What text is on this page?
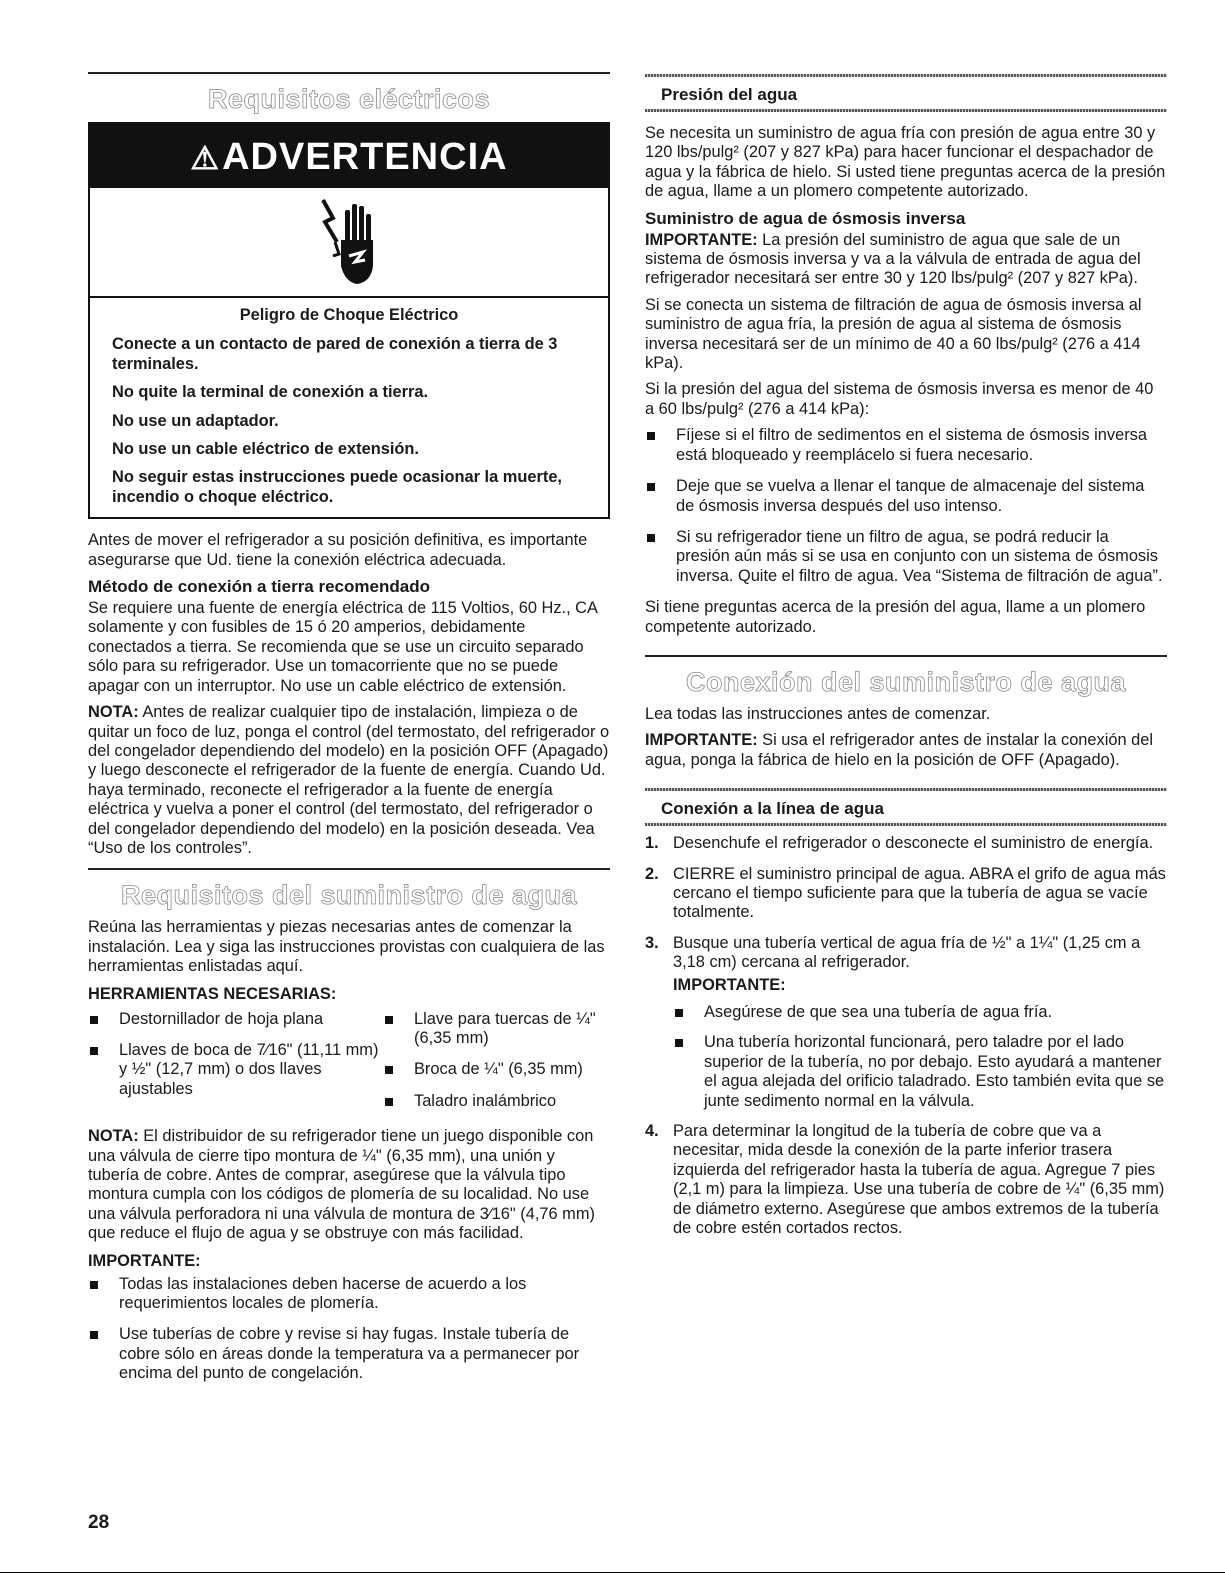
Requisitos eléctricos
⚠ADVERTENCIA

Peligro de Choque Eléctrico

Conecte a un contacto de pared de conexión a tierra de 3 terminales.

No quite la terminal de conexión a tierra.

No use un adaptador.

No use un cable eléctrico de extensión.

No seguir estas instrucciones puede ocasionar la muerte, incendio o choque eléctrico.

Antes de mover el refrigerador a su posición definitiva, es importante asegurarse que Ud. tiene la conexión eléctrica adecuada.

Método de conexión a tierra recomendado

Se requiere una fuente de energía eléctrica de 115 Voltios, 60 Hz., CA solamente y con fusibles de 15 ó 20 amperios, debidamente conectados a tierra. Se recomienda que se use un circuito separado sólo para su refrigerador. Use un tomacorriente que no se puede apagar con un interruptor. No use un cable eléctrico de extensión.

NOTA: Antes de realizar cualquier tipo de instalación, limpieza o de quitar un foco de luz, ponga el control (del termostato, del refrigerador o del congelador dependiendo del modelo) en la posición OFF (Apagado) y luego desconecte el refrigerador de la fuente de energía. Cuando Ud. haya terminado, reconecte el refrigerador a la fuente de energía eléctrica y vuelva a poner el control (del termostato, del refrigerador o del congelador dependiendo del modelo) en la posición deseada. Vea “Uso de los controles”.

Requisitos del suministro de agua

Reúna las herramientas y piezas necesarias antes de comenzar la instalación. Lea y siga las instrucciones provistas con cualquiera de las herramientas enlistadas aquí.

HERRAMIENTAS NECESARIAS:
Destornillador de hoja plana
Llaves de boca de 7⁄16" (11,11 mm) y ½" (12,7 mm) o dos llaves ajustables
Llave para tuercas de ¼" (6,35 mm)
Broca de ¼" (6,35 mm)
Taladro inalámbrico

NOTA: El distribuidor de su refrigerador tiene un juego disponible con una válvula de cierre tipo montura de ¼" (6,35 mm), una unión y tubería de cobre. Antes de comprar, asegúrese que la válvula tipo montura cumpla con los códigos de plomería de su localidad. No use una válvula perforadora ni una válvula de montura de 3⁄16" (4,76 mm) que reduce el flujo de agua y se obstruye con más facilidad.

IMPORTANTE:
Todas las instalaciones deben hacerse de acuerdo a los requerimientos locales de plomería.
Use tuberías de cobre y revise si hay fugas. Instale tubería de cobre sólo en áreas donde la temperatura va a permanecer por encima del punto de congelación.
28
Presión del agua

Se necesita un suministro de agua fría con presión de agua entre 30 y 120 lbs/pulg² (207 y 827 kPa) para hacer funcionar el despachador de agua y la fábrica de hielo. Si usted tiene preguntas acerca de la presión de agua, llame a un plomero competente autorizado.

Suministro de agua de ósmosis inversa

IMPORTANTE: La presión del suministro de agua que sale de un sistema de ósmosis inversa y va a la válvula de entrada de agua del refrigerador necesitará ser entre 30 y 120 lbs/pulg² (207 y 827 kPa).

Si se conecta un sistema de filtración de agua de ósmosis inversa al suministro de agua fría, la presión de agua al sistema de ósmosis inversa necesitará ser de un mínimo de 40 a 60 lbs/pulg² (276 a 414 kPa).

Si la presión del agua del sistema de ósmosis inversa es menor de 40 a 60 lbs/pulg² (276 a 414 kPa):

Fíjese si el filtro de sedimentos en el sistema de ósmosis inversa está bloqueado y reemplácelo si fuera necesario.
Deje que se vuelva a llenar el tanque de almacenaje del sistema de ósmosis inversa después del uso intenso.
Si su refrigerador tiene un filtro de agua, se podrá reducir la presión aún más si se usa en conjunto con un sistema de ósmosis inversa. Quite el filtro de agua. Vea “Sistema de filtración de agua”.

Si tiene preguntas acerca de la presión del agua, llame a un plomero competente autorizado.

Conexión del suministro de agua

Lea todas las instrucciones antes de comenzar.

IMPORTANTE: Si usa el refrigerador antes de instalar la conexión del agua, ponga la fábrica de hielo en la posición de OFF (Apagado).

Conexión a la línea de agua
1. Desenchufe el refrigerador o desconecte el suministro de energía.
2. CIERRE el suministro principal de agua. ABRA el grifo de agua más cercano el tiempo suficiente para que la tubería de agua se vacíe totalmente.
3. Busque una tubería vertical de agua fría de ½" a 1¼" (1,25 cm a 3,18 cm) cercana al refrigerador.
IMPORTANTE:
Asegúrese de que sea una tubería de agua fría.
Una tubería horizontal funcionará, pero taladre por el lado superior de la tubería, no por debajo. Esto ayudará a mantener el agua alejada del orificio taladrado. Esto también evita que se junte sedimento normal en la válvula.
4. Para determinar la longitud de la tubería de cobre que va a necesitar, mida desde la conexión de la parte inferior trasera izquierda del refrigerador hasta la tubería de agua. Agregue 7 pies (2,1 m) para la limpieza. Use una tubería de cobre de ¼" (6,35 mm) de diámetro externo. Asegúrese que ambos extremos de la tubería de cobre estén cortados rectos.
